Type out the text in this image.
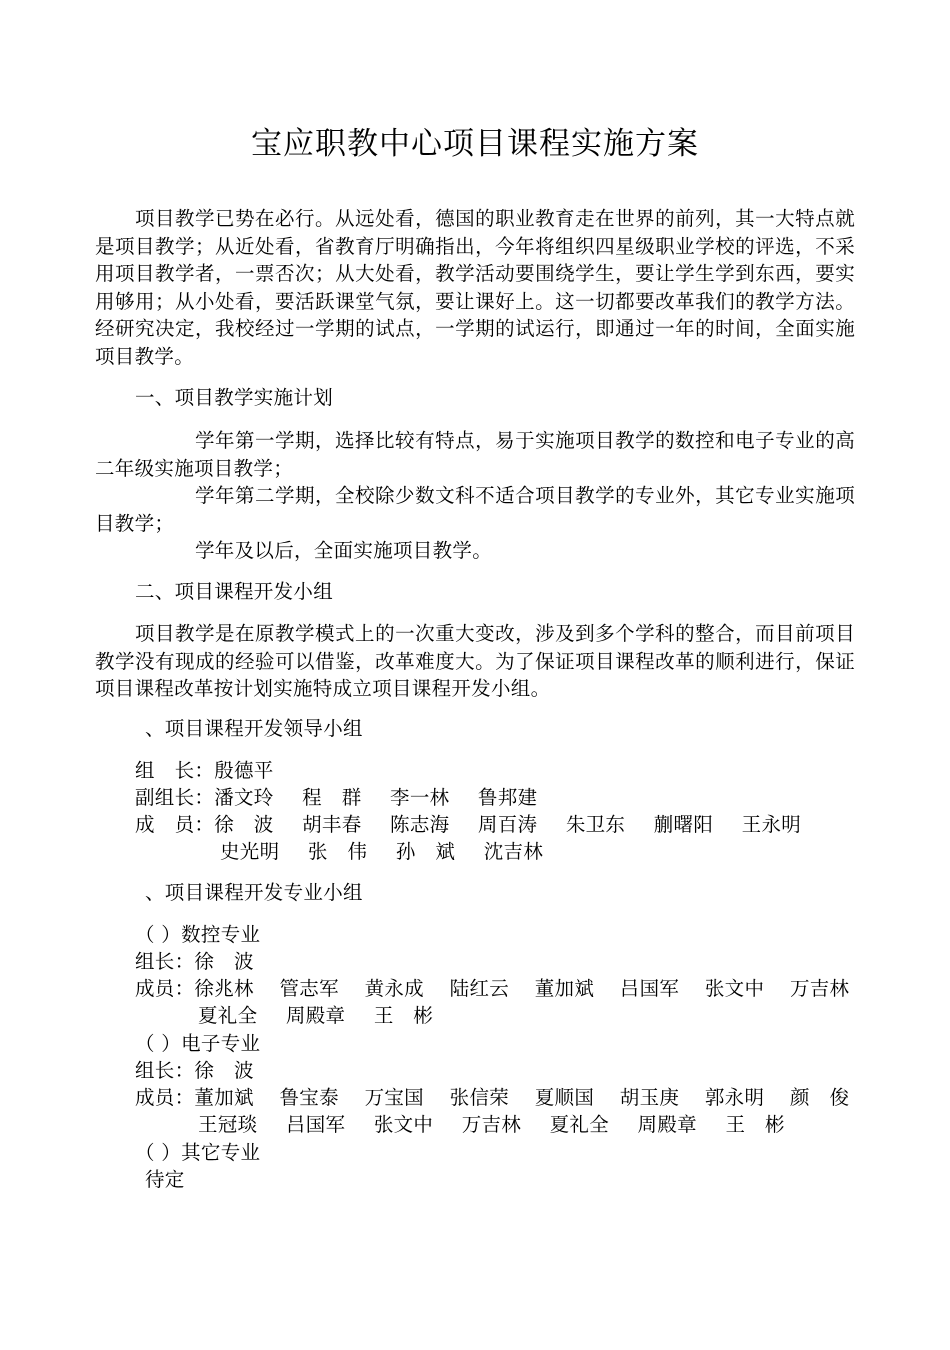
宝应职教中心项目课程实施方案

项目教学已势在必行。从远处看，德国的职业教育走在世界的前列，其一大特点就是项目教学；从近处看，省教育厅明确指出，今年将组织四星级职业学校的评选，不采用项目教学者，一票否次；从大处看，教学活动要围绕学生，要让学生学到东西，要实用够用；从小处看，要活跃课堂气氛，要让课好上。这一切都要改革我们的教学方法。经研究决定，我校经过一学期的试点，一学期的试运行，即通过一年的时间，全面实施项目教学。

一、项目教学实施计划

学年第一学期，选择比较有特点，易于实施项目教学的数控和电子专业的高二年级实施项目教学；

学年第二学期，全校除少数文科不适合项目教学的专业外，其它专业实施项目教学；

学年及以后，全面实施项目教学。
二、项目课程开发小组

项目教学是在原教学模式上的一次重大变改，涉及到多个学科的整合，而目前项目教学没有现成的经验可以借鉴，改革难度大。为了保证项目课程改革的顺利进行，保证项目课程改革按计划实施特成立项目课程开发小组。

、项目课程开发领导小组
组　长：殷德平
副组长：潘文玲 程　群 李一林 鲁邦建
成　员：徐　波 胡丰春 陈志海 周百涛 朱卫东 蒯曙阳 王永明
史光明 张　伟 孙　斌 沈吉林
、项目课程开发专业小组
（ ）数控专业
组长：徐　波
成员： 徐兆林 管志军 黄永成 陆红云 董加斌 吕国军 张文中 万吉林
夏礼全 周殿章 王　彬
（ ）电子专业
组长：徐　波
成员： 董加斌 鲁宝泰 万宝国 张信荣 夏顺国 胡玉庚 郭永明 颜　俊
王冠琰 吕国军 张文中 万吉林 夏礼全 周殿章 王　彬
（ ）其它专业
待定
